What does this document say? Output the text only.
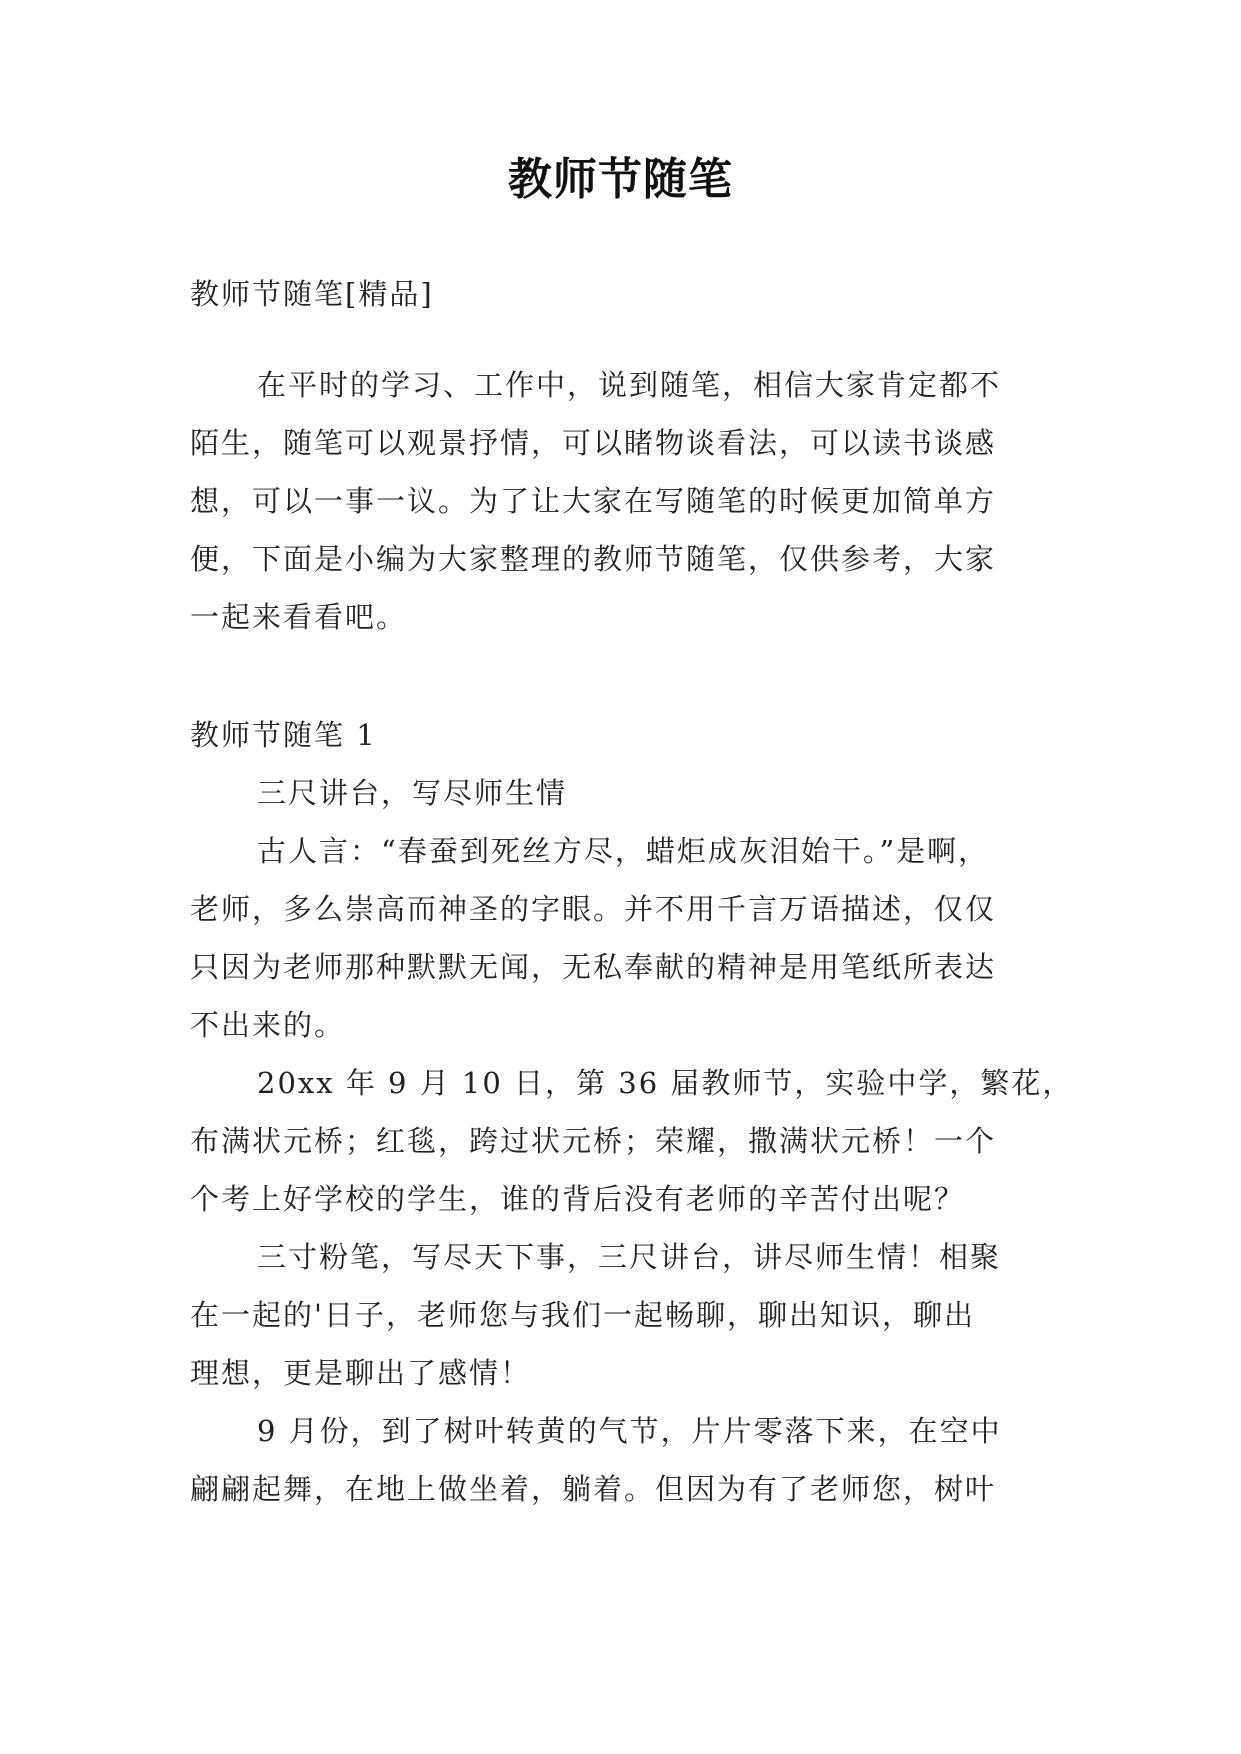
教师节随笔
教师节随笔[精品]
在平时的学习、工作中，说到随笔，相信大家肯定都不
陌生，随笔可以观景抒情，可以睹物谈看法，可以读书谈感
想，可以一事一议。为了让大家在写随笔的时候更加简单方
便，下面是小编为大家整理的教师节随笔，仅供参考，大家
一起来看看吧。
教师节随笔 1
三尺讲台，写尽师生情
古人言：“春蚕到死丝方尽，蜡炬成灰泪始干。”是啊，
老师，多么崇高而神圣的字眼。并不用千言万语描述，仅仅
只因为老师那种默默无闻，无私奉献的精神是用笔纸所表达
不出来的。
20xx 年 9 月 10 日，第 36 届教师节，实验中学，繁花，
布满状元桥；红毯，跨过状元桥；荣耀，撒满状元桥！一个
个考上好学校的学生，谁的背后没有老师的辛苦付出呢？
三寸粉笔，写尽天下事，三尺讲台，讲尽师生情！相聚
在一起的'日子，老师您与我们一起畅聊，聊出知识，聊出
理想，更是聊出了感情！
9 月份，到了树叶转黄的气节，片片零落下来，在空中
翩翩起舞，在地上做坐着，躺着。但因为有了老师您，树叶
